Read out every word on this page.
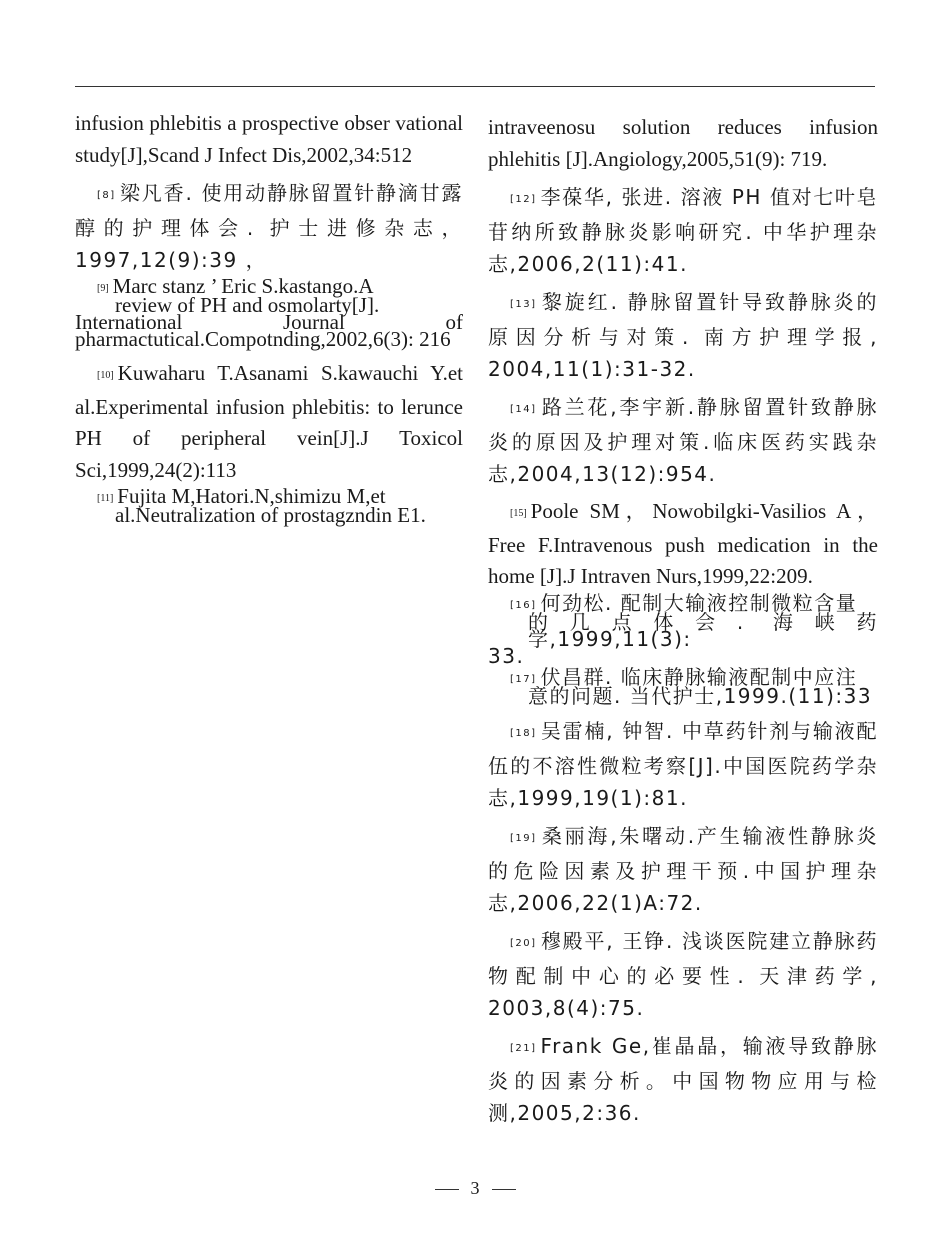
infusion phlebitis a prospective obser vational study[J],Scand J Infect Dis,2002,34:512

[8] 梁凡香. 使用动静脉留置针静滴甘露醇的护理体会. 护士进修杂志，1997,12(9):39 ，

[9] Marc stanz ’ Eric S.kastango.A
review of PH and osmolarty[J].
International Journal of pharmactutical.Compotnding,2002,6(3): 216

[10] Kuwaharu T.Asanami S.kawauchi Y.et al.Experimental infusion phlebitis: to lerunce PH of peripheral vein[J].J Toxicol Sci,1999,24(2):113

[11] Fujita M,Hatori.N,shimizu M,et
al.Neutralization of prostagzndin E1.

intraveenosu solution reduces infusion phlehitis [J].Angiology,2005,51(9): 719.

[12] 李葆华, 张进. 溶液 PH 值对七叶皂苷纳所致静脉炎影响研究. 中华护理杂志,2006,2(11):41.

[13] 黎旋红. 静脉留置针导致静脉炎的原因分析与对策. 南方护理学报, 2004,11(1):31-32.

[14] 路兰花,李宇新.静脉留置针致静脉炎的原因及护理对策.临床医药实践杂志,2004,13(12):954.

[15] Poole SM，Nowobilgki-Vasilios A，Free F.Intravenous push medication in the home [J].J Intraven Nurs,1999,22:209.

[16] 何劲松. 配制大输液控制微粒含量
的几点体会. 海峡药学,1999,11(3):
33.

[17] 伏昌群. 临床静脉输液配制中应注
意的问题. 当代护士,1999.(11):33

[18] 吴雷楠, 钟智. 中草药针剂与输液配伍的不溶性微粒考察[J].中国医院药学杂志,1999,19(1):81.

[19] 桑丽海,朱曙动.产生输液性静脉炎的危险因素及护理干预.中国护理杂志,2006,22(1)A:72.

[20] 穆殿平, 王铮. 浅谈医院建立静脉药物配制中心的必要性. 天津药学, 2003,8(4):75.

[21] Frank Ge,崔晶晶，输液导致静脉炎的因素分析。中国物物应用与检测,2005,2:36.

3
